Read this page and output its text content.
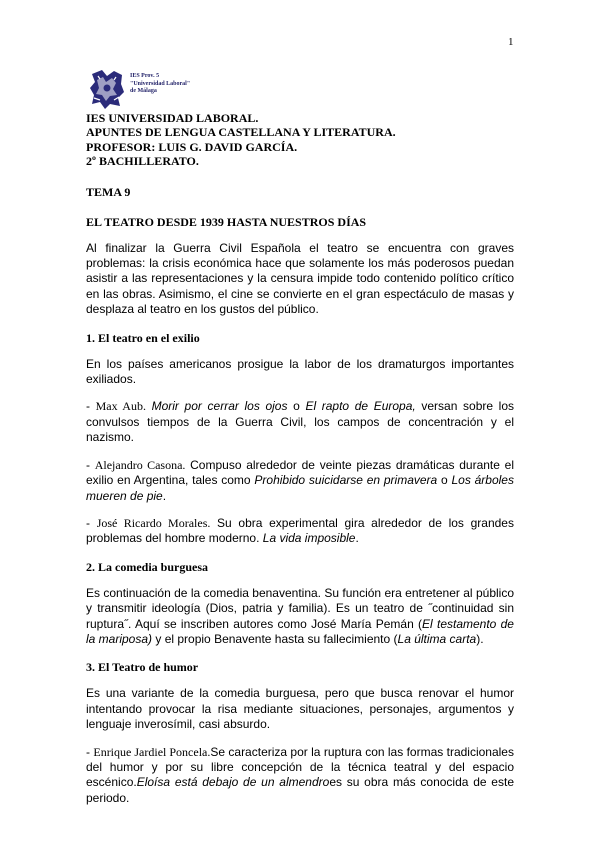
1
IES Prov. 5
"Universidad Laboral"
de Málaga

IES UNIVERSIDAD LABORAL.

APUNTES DE LENGUA CASTELLANA Y LITERATURA.

PROFESOR: LUIS G. DAVID GARCÍA.

2º BACHILLERATO.

TEMA 9

EL TEATRO DESDE 1939 HASTA NUESTROS DÍAS

Al finalizar la Guerra Civil Española el teatro se encuentra con graves problemas: la crisis económica hace que solamente los más poderosos puedan asistir a las representaciones y la censura impide todo contenido político crítico en las obras. Asimismo, el cine se convierte en el gran espectáculo de masas y desplaza al teatro en los gustos del público.

1. El teatro en el exilio

En los países americanos prosigue la labor de los dramaturgos importantes exiliados.

- Max Aub. Morir por cerrar los ojos o El rapto de Europa, versan sobre los convulsos tiempos de la Guerra Civil, los campos de concentración y el nazismo.

- Alejandro Casona. Compuso alrededor de veinte piezas dramáticas durante el exilio en Argentina, tales como Prohibido suicidarse en primavera o Los árboles mueren de pie.

- José Ricardo Morales. Su obra experimental gira alrededor de los grandes problemas del hombre moderno. La vida imposible.

2. La comedia burguesa

Es continuación de la comedia benaventina. Su función era entretener al público y transmitir ideología (Dios, patria y familia). Es un teatro de ˝continuidad sin ruptura˝. Aquí se inscriben autores como José María Pemán (El testamento de la mariposa) y el propio Benavente hasta su fallecimiento (La última carta).

3. El Teatro de humor

Es una variante de la comedia burguesa, pero que busca renovar el humor intentando provocar la risa mediante situaciones, personajes, argumentos y lenguaje inverosímil, casi absurdo.

- Enrique Jardiel Poncela.Se caracteriza por la ruptura con las formas tradicionales del humor y por su libre concepción de la técnica teatral y del espacio escénico.Eloísa está debajo de un almendroes su obra más conocida de este periodo.
